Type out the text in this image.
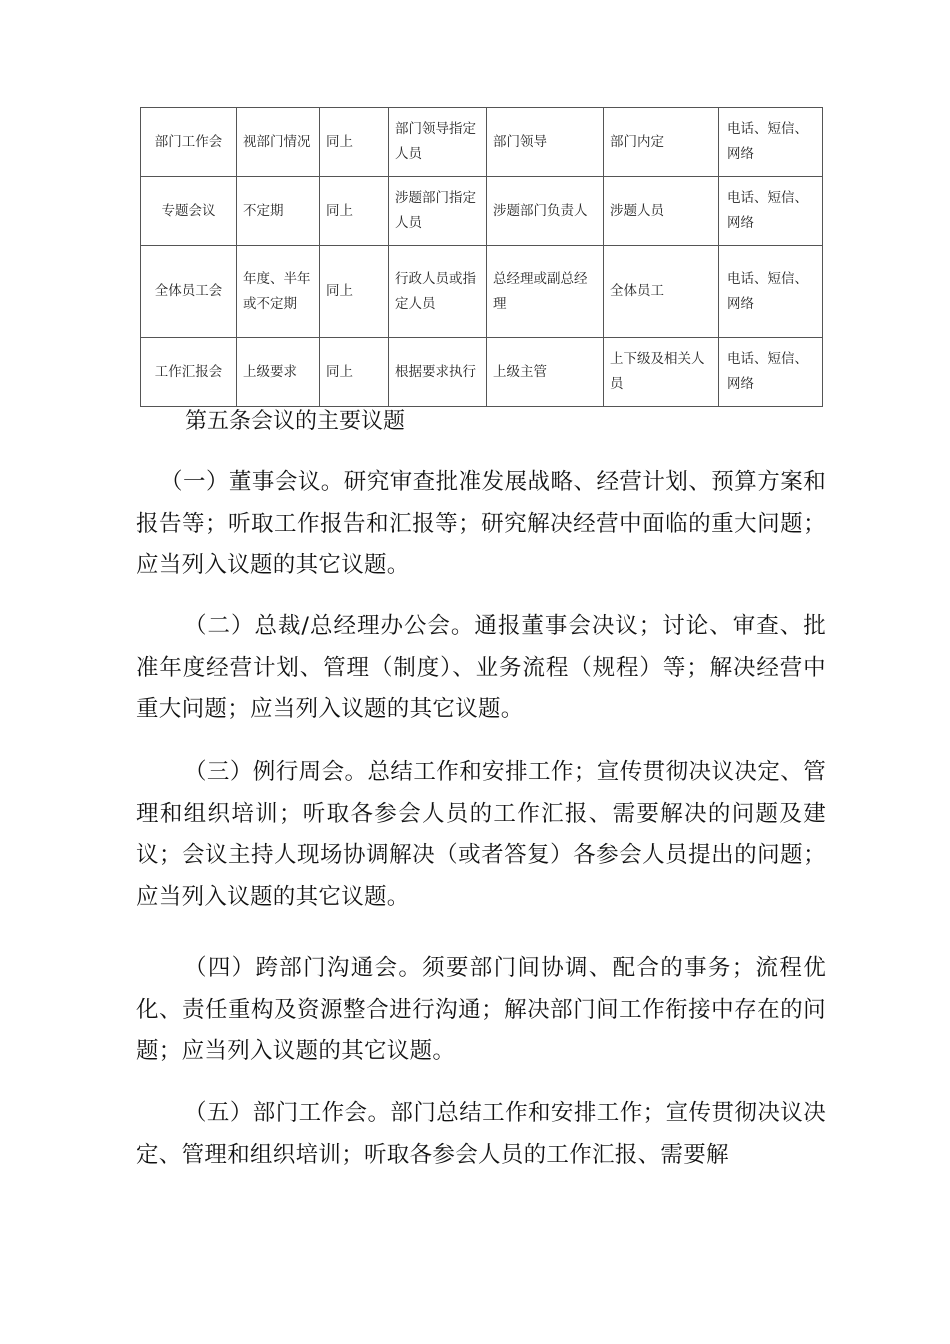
部门工作会	视部门情况	同上	部门领导指定人员	部门领导	部门内定	电话、短信、网络
专题会议	不定期	同上	涉题部门指定人员	涉题部门负责人	涉题人员	电话、短信、网络
全体员工会	年度、半年或不定期	同上	行政人员或指定人员	总经理或副总经理	全体员工	电话、短信、网络
工作汇报会	上级要求	同上	根据要求执行	上级主管	上下级及相关人员	电话、短信、网络

第五条会议的主要议题

（一）董事会议。研究审查批准发展战略、经营计划、预算方案和报告等；听取工作报告和汇报等；研究解决经营中面临的重大问题；应当列入议题的其它议题。

（二）总裁/总经理办公会。通报董事会决议；讨论、审查、批准年度经营计划、管理（制度）、业务流程（规程）等；解决经营中重大问题；应当列入议题的其它议题。

（三）例行周会。总结工作和安排工作；宣传贯彻决议决定、管理和组织培训；听取各参会人员的工作汇报、需要解决的问题及建议；会议主持人现场协调解决（或者答复）各参会人员提出的问题；应当列入议题的其它议题。

（四）跨部门沟通会。须要部门间协调、配合的事务；流程优化、责任重构及资源整合进行沟通；解决部门间工作衔接中存在的问题；应当列入议题的其它议题。

（五）部门工作会。部门总结工作和安排工作；宣传贯彻决议决定、管理和组织培训；听取各参会人员的工作汇报、需要解
